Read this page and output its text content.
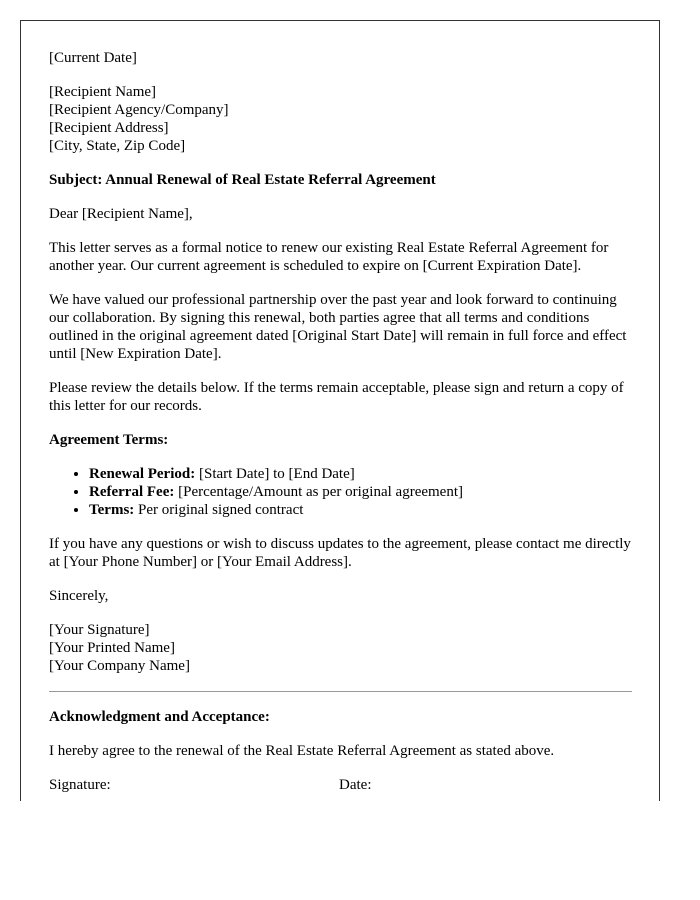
[Current Date]
[Recipient Name]
[Recipient Agency/Company]
[Recipient Address]
[City, State, Zip Code]
Subject: Annual Renewal of Real Estate Referral Agreement

Dear [Recipient Name],

This letter serves as a formal notice to renew our existing Real Estate Referral Agreement for another year. Our current agreement is scheduled to expire on [Current Expiration Date].

We have valued our professional partnership over the past year and look forward to continuing our collaboration. By signing this renewal, both parties agree that all terms and conditions outlined in the original agreement dated [Original Start Date] will remain in full force and effect until [New Expiration Date].

Please review the details below. If the terms remain acceptable, please sign and return a copy of this letter for our records.

Agreement Terms:
• Renewal Period: [Start Date] to [End Date]
• Referral Fee: [Percentage/Amount as per original agreement]
• Terms: Per original signed contract

If you have any questions or wish to discuss updates to the agreement, please contact me directly at [Your Phone Number] or [Your Email Address].

Sincerely,

[Your Signature]
[Your Printed Name]
[Your Company Name]
Acknowledgment and Acceptance:

I hereby agree to the renewal of the Real Estate Referral Agreement as stated above.

Signature:	Date:
